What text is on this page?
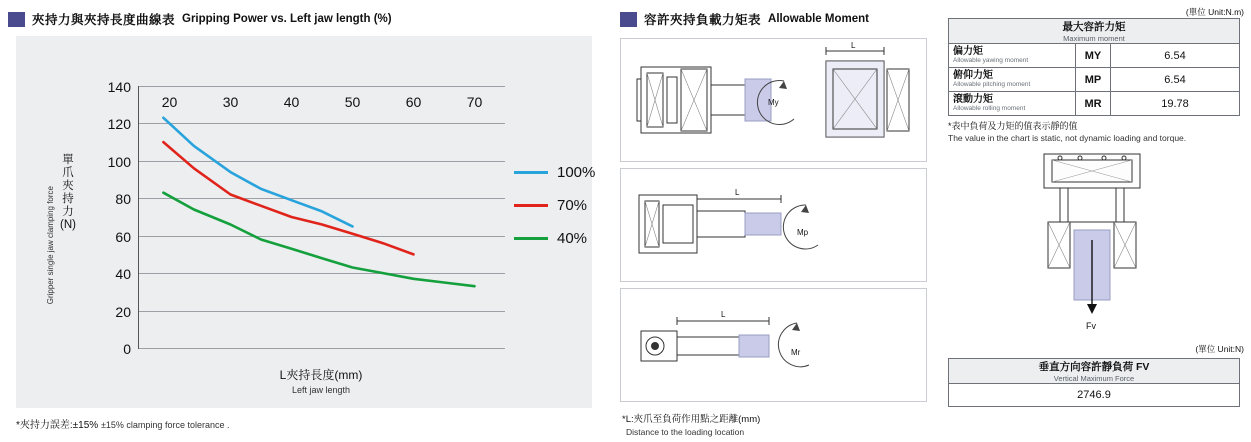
夾持力與夾持長度曲線表 Gripping Power vs. Left jaw length (%)
單爪夾持力(N)
Gripper single jaw clamping force
140
120
100
80
60
40
20
0
20	30	40	50	60	70
L夾持長度(mm)
Left jaw length
100%
70%
40%
*夾持力誤差:±15% ±15% clamping force tolerance .
容許夾持負載力矩表 Allowable Moment
My
L
L
Mp
L
Mr
*L:夾爪至負荷作用點之距離(mm)
Distance to the loading location
(單位 Unit:N.m)
最大容許力矩
Maximum moment		

偏力矩
Allowable yawing moment	MY	6.54

俯仰力矩
Allowable pitching moment	MP	6.54

滾動力矩
Allowable rolling moment	MR	19.78
*表中負荷及力矩的值表示靜的值
The value in the chart is static, not dynamic loading and torque.
Fv
(單位 Unit:N)
垂直方向容許靜負荷 FV
Vertical Maximum Force

2746.9
